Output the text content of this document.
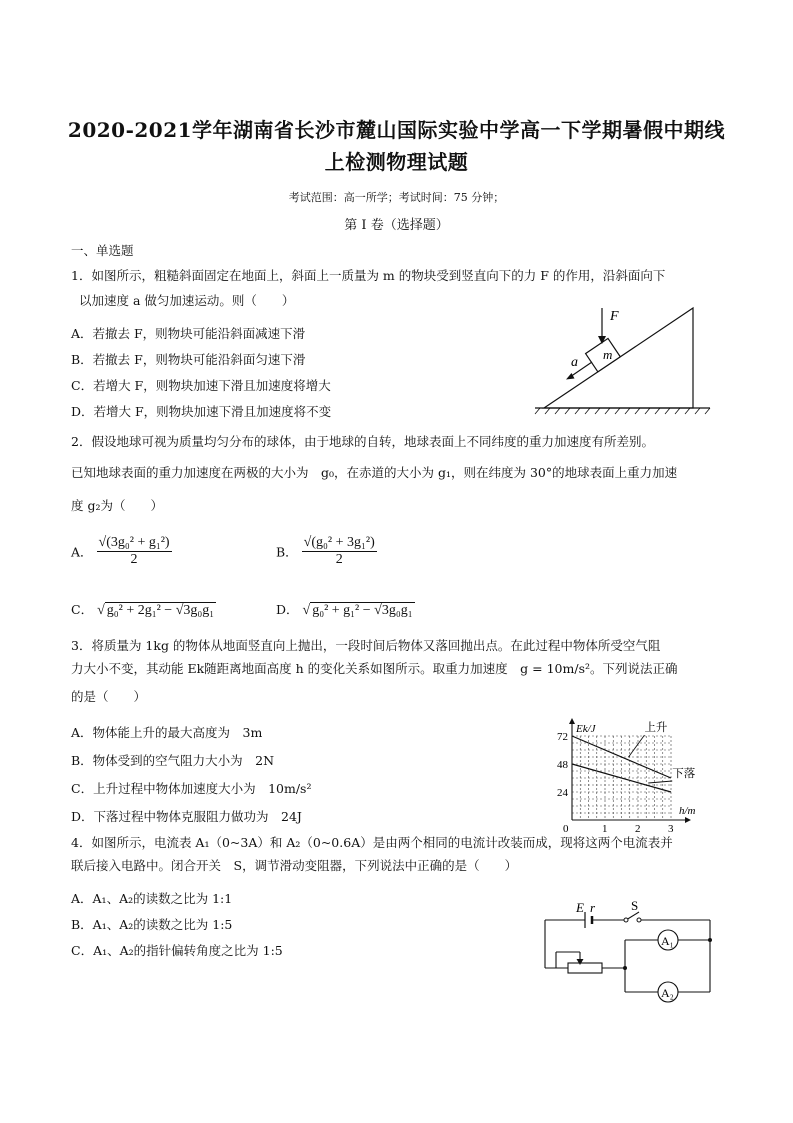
2020-2021学年湖南省长沙市麓山国际实验中学高一下学期暑假中期线
上检测物理试题
考试范围：高一所学；考试时间：75 分钟；
第 I 卷（选择题）
一、单选题
1．如图所示，粗糙斜面固定在地面上，斜面上一质量为 m 的物块受到竖直向下的力 F 的作用，沿斜面向下
以加速度 a 做匀加速运动。则（　　）
A．若撤去 F，则物块可能沿斜面减速下滑
B．若撤去 F，则物块可能沿斜面匀速下滑
C．若增大 F，则物块加速下滑且加速度将增大
D．若增大 F，则物块加速下滑且加速度将不变
m
F
a
2．假设地球可视为质量均匀分布的球体，由于地球的自转，地球表面上不同纬度的重力加速度有所差别。
已知地球表面的重力加速度在两极的大小为　g₀，在赤道的大小为 g₁，则在纬度为 30°的地球表面上重力加速
度 g₂为（　　）
A． $\frac{\text{√(3g₀² + g₁²)}}{2}$	B． $\frac{\text{√(g₀² + 3g₁²)}}{2}$
C． √ g₀² + 2g₁² − √3g₀g₁	D． √ g₀² + g₁² − √3g₀g₁
3．将质量为 1kg 的物体从地面竖直向上抛出，一段时间后物体又落回抛出点。在此过程中物体所受空气阻
力大小不变，其动能 Ek随距离地面高度 h 的变化关系如图所示。取重力加速度　g = 10m/s²。下列说法正确
的是（　　）
A．物体能上升的最大高度为　3m
B．物体受到的空气阻力大小为　2N
C．上升过程中物体加速度大小为　10m/s²
D．下落过程中物体克服阻力做功为　24J
0	1	2	3
24
48
72
h/m
Ek/J	上升
下落
4．如图所示，电流表 A₁（0~3A）和 A₂（0~0.6A）是由两个相同的电流计改装而成，现将这两个电流表并
联后接入电路中。闭合开关　S，调节滑动变阻器，下列说法中正确的是（　　）
A．A₁、A₂的读数之比为 1:1
B．A₁、A₂的读数之比为 1:5
C．A₁、A₂的指针偏转角度之比为 1:5
A₁
A₂
E r	S
